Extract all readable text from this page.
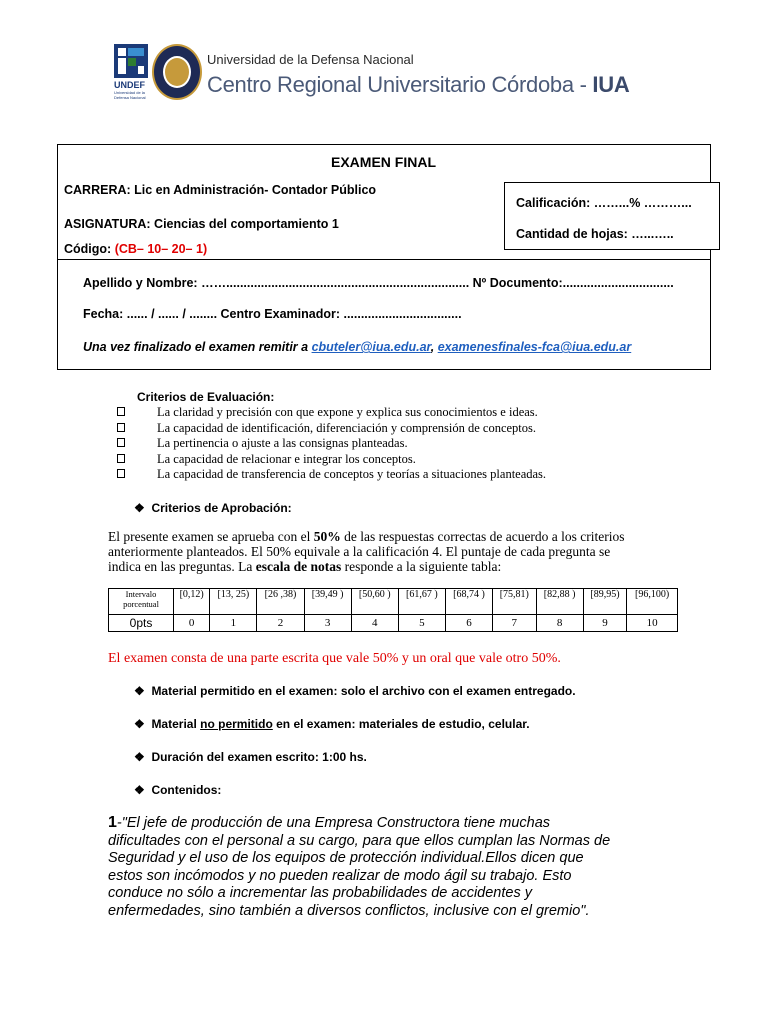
UNDEF
Universidad de la Defensa Nacional
Universidad de la Defensa Nacional
Centro Regional Universitario Córdoba - IUA
EXAMEN FINAL
CARRERA: Lic en Administración- Contador Público
ASIGNATURA: Ciencias del comportamiento 1
Código: (CB– 10– 20– 1)
Calificación: ……...% ………...
Cantidad de hojas: …...…..
Apellido y Nombre: ……...................................................................... Nº Documento:................................
Fecha: ...... / ...... / ........ Centro Examinador: ..................................
Una vez finalizado el examen remitir a cbuteler@iua.edu.ar, examenesfinales-fca@iua.edu.ar
Criterios de Evaluación:
La claridad y precisión con que expone y explica sus conocimientos e ideas.
La capacidad de identificación, diferenciación y comprensión de conceptos.
La pertinencia o ajuste a las consignas planteadas.
La capacidad de relacionar e integrar los conceptos.
La capacidad de transferencia de conceptos y teorías a situaciones planteadas.
❖ Criterios de Aprobación:
El presente examen se aprueba con el 50% de las respuestas correctas de acuerdo a los criterios
anteriormente planteados. El 50% equivale a la calificación 4. El puntaje de cada pregunta se
indica en las preguntas. La escala de notas responde a la siguiente tabla:
Intervalo porcentual	[0,12)	[13, 25)	[26 ,38)	[39,49 )	[50,60 )	[61,67 )	[68,74 )	[75,81)	[82,88 )	[89,95)	[96,100)
0pts	0	1	2	3	4	5	6	7	8	9	10
El examen consta de una parte escrita que vale 50% y un oral que vale otro 50%.
❖ Material permitido en el examen: solo el archivo con el examen entregado.
❖ Material no permitido en el examen: materiales de estudio, celular.
❖ Duración del examen escrito: 1:00 hs.
❖ Contenidos:
1-"El jefe de producción de una Empresa Constructora tiene muchas
dificultades con el personal a su cargo, para que ellos cumplan las Normas de
Seguridad y el uso de los equipos de protección individual.Ellos dicen que
estos son incómodos y no pueden realizar de modo ágil su trabajo. Esto
conduce no sólo a incrementar las probabilidades de accidentes y
enfermedades, sino también a diversos conflictos, inclusive con el gremio".
